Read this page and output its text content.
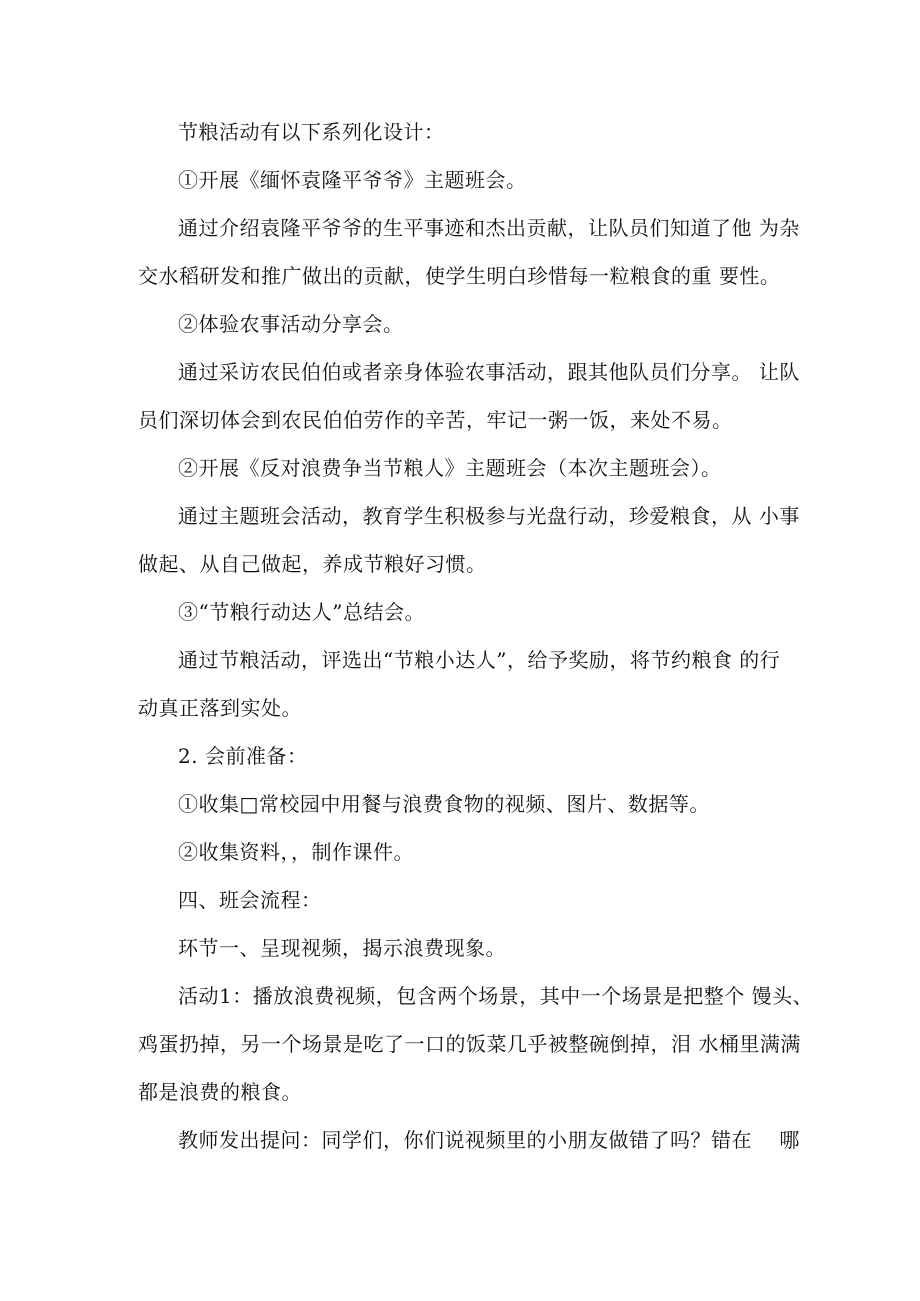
节粮活动有以下系列化设计：

①开展《缅怀袁隆平爷爷》主题班会。

通过介绍袁隆平爷爷的生平事迹和杰出贡献，让队员们知道了他 为杂

交水稻研发和推广做出的贡献，使学生明白珍惜每一粒粮食的重 要性。

②体验农事活动分享会。

通过采访农民伯伯或者亲身体验农事活动，跟其他队员们分享。 让队

员们深切体会到农民伯伯劳作的辛苦，牢记一粥一饭，来处不易。

②开展《反对浪费争当节粮人》主题班会（本次主题班会）。

通过主题班会活动，教育学生积极参与光盘行动，珍爱粮食，从 小事

做起、从自己做起，养成节粮好习惯。

③“节粮行动达人”总结会。

通过节粮活动，评选出“节粮小达人”，给予奖励，将节约粮食 的行

动真正落到实处。

2. 会前准备：

①收集□常校园中用餐与浪费食物的视频、图片、数据等。

②收集资料，，制作课件。

四、班会流程：

环节一、呈现视频，揭示浪费现象。

活动1：播放浪费视频，包含两个场景，其中一个场景是把整个 馒头、

鸡蛋扔掉，另一个场景是吃了一口的饭菜几乎被整碗倒掉，泪 水桶里满满

都是浪费的粮食。

教师发出提问：同学们，你们说视频里的小朋友做错了吗？错在 　哪
